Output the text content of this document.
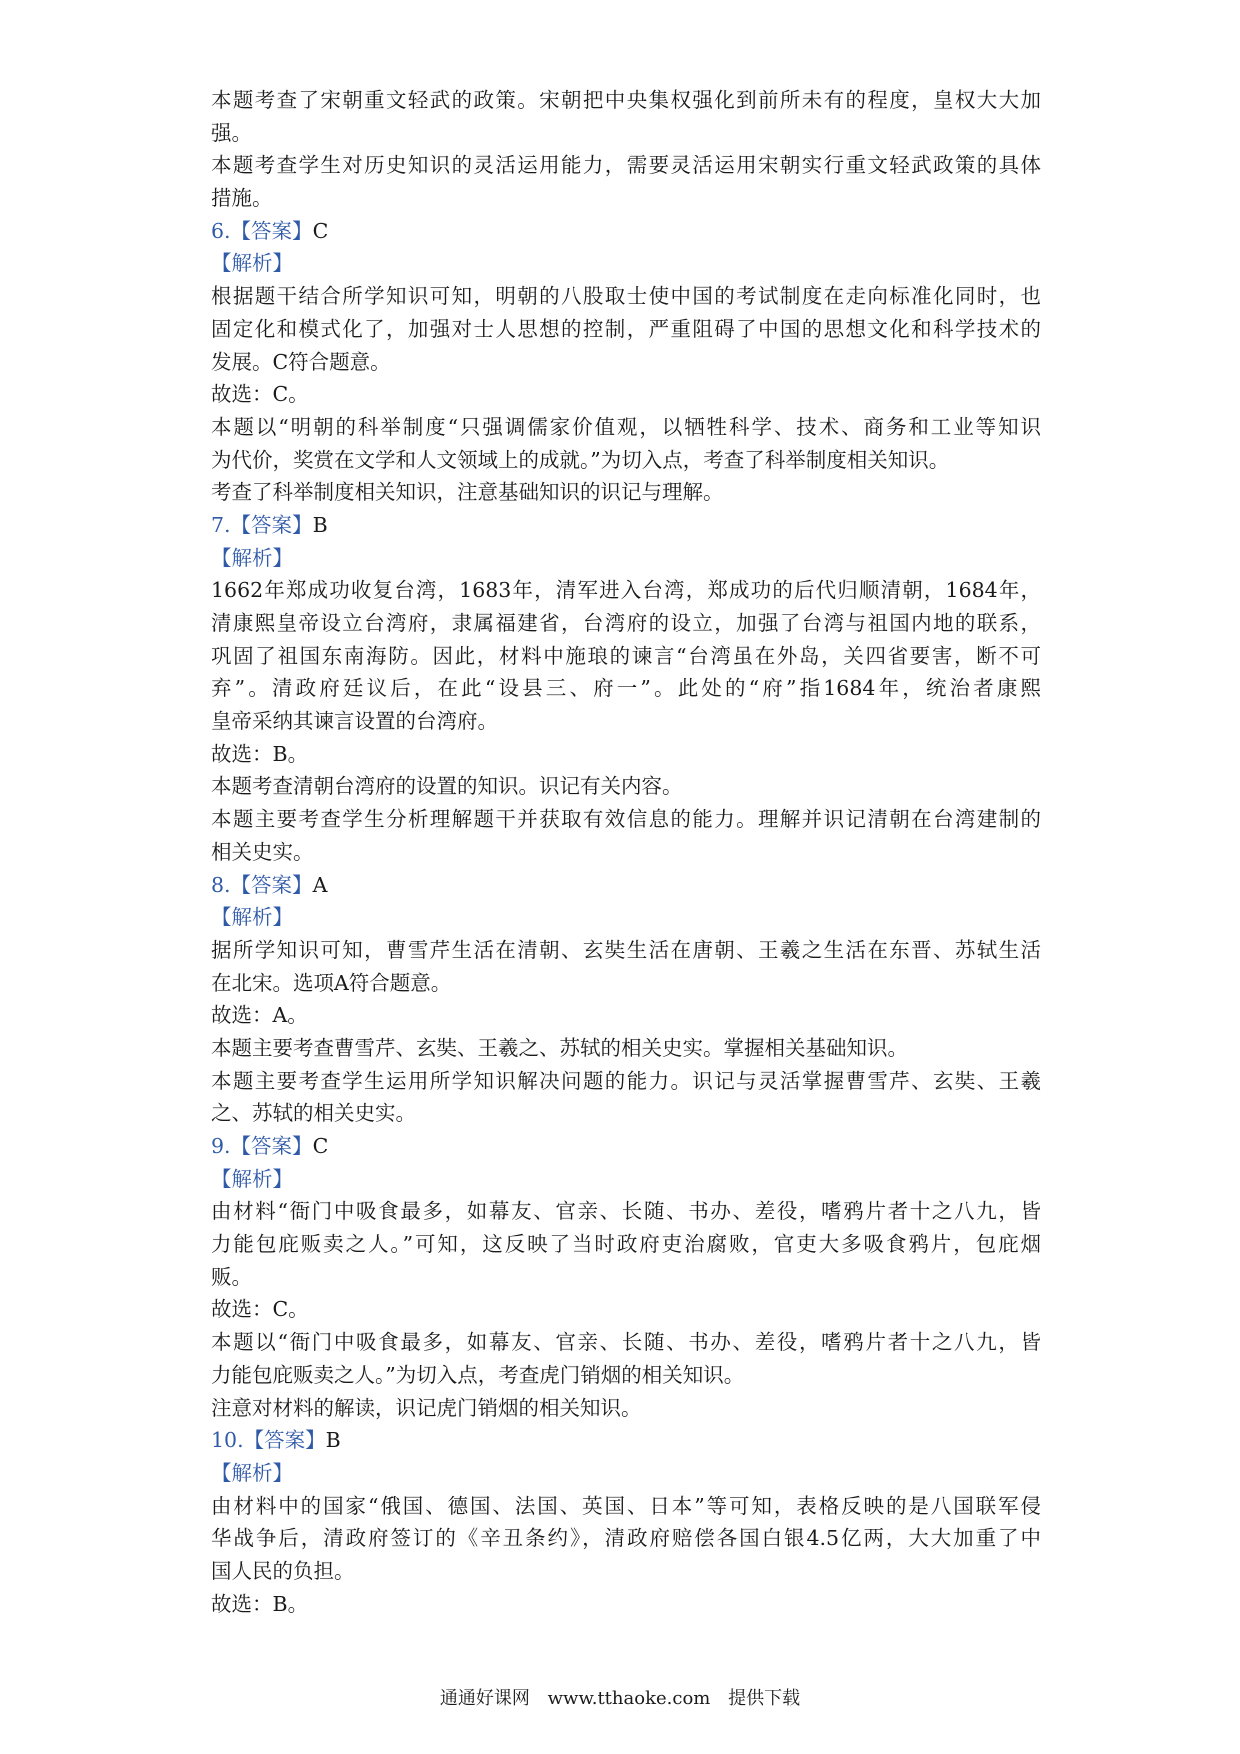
本题考查了宋朝重文轻武的政策。宋朝把中央集权强化到前所未有的程度，皇权大大加
强。
本题考查学生对历史知识的灵活运用能力，需要灵活运用宋朝实行重文轻武政策的具体
措施。
6.【答案】C
【解析】
根据题干结合所学知识可知，明朝的八股取士使中国的考试制度在走向标准化同时，也
固定化和模式化了，加强对士人思想的控制，严重阻碍了中国的思想文化和科学技术的
发展。C符合题意。
故选：C。
本题以“明朝的科举制度“只强调儒家价值观，以牺牲科学、技术、商务和工业等知识
为代价，奖赏在文学和人文领域上的成就。”为切入点，考查了科举制度相关知识。
考查了科举制度相关知识，注意基础知识的识记与理解。
7.【答案】B
【解析】
1662年郑成功收复台湾，1683年，清军进入台湾，郑成功的后代归顺清朝，1684年，
清康熙皇帝设立台湾府，隶属福建省，台湾府的设立，加强了台湾与祖国内地的联系，
巩固了祖国东南海防。因此，材料中施琅的谏言“台湾虽在外岛，关四省要害，断不可
弃”。清政府廷议后，在此“设县三、府一”。此处的“府”指1684年，统治者康熙
皇帝采纳其谏言设置的台湾府。
故选：B。
本题考查清朝台湾府的设置的知识。识记有关内容。
本题主要考查学生分析理解题干并获取有效信息的能力。理解并识记清朝在台湾建制的
相关史实。
8.【答案】A
【解析】
据所学知识可知，曹雪芹生活在清朝、玄奘生活在唐朝、王羲之生活在东晋、苏轼生活
在北宋。选项A符合题意。
故选：A。
本题主要考查曹雪芹、玄奘、王羲之、苏轼的相关史实。掌握相关基础知识。
本题主要考查学生运用所学知识解决问题的能力。识记与灵活掌握曹雪芹、玄奘、王羲
之、苏轼的相关史实。
9.【答案】C
【解析】
由材料“衙门中吸食最多，如幕友、官亲、长随、书办、差役，嗜鸦片者十之八九，皆
力能包庇贩卖之人。”可知，这反映了当时政府吏治腐败，官吏大多吸食鸦片，包庇烟
贩。
故选：C。
本题以“衙门中吸食最多，如幕友、官亲、长随、书办、差役，嗜鸦片者十之八九，皆
力能包庇贩卖之人。”为切入点，考查虎门销烟的相关知识。
注意对材料的解读，识记虎门销烟的相关知识。
10.【答案】B
【解析】
由材料中的国家“俄国、德国、法国、英国、日本”等可知，表格反映的是八国联军侵
华战争后，清政府签订的《辛丑条约》，清政府赔偿各国白银4.5亿两，大大加重了中
国人民的负担。
故选：B。
通通好课网 www.tthaoke.com 提供下载
